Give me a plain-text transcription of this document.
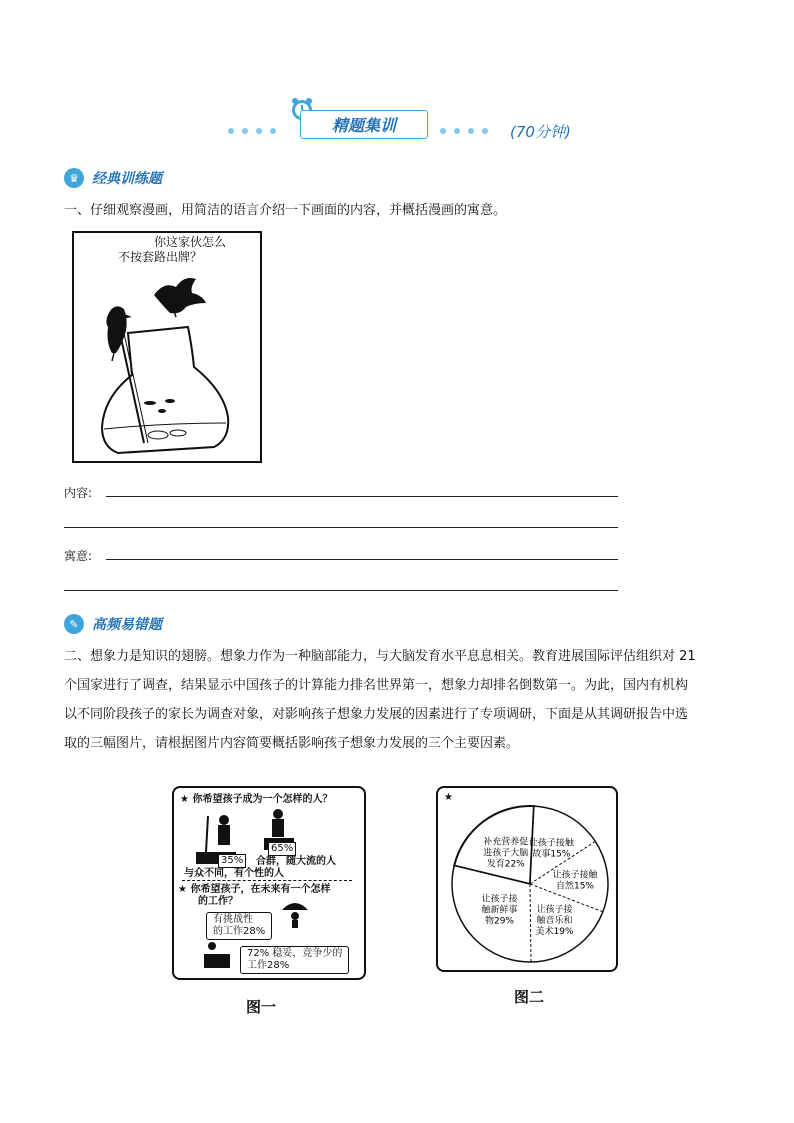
精题集训	(70分钟)
♛ 经典训练题
一、仔细观察漫画，用简洁的语言介绍一下画面的内容，并概括漫画的寓意。
你这家伙怎么
不按套路出牌？
内容:
寓意:
✎ 高频易错题
二、想象力是知识的翅膀。想象力作为一种脑部能力，与大脑发育水平息息相关。教育进展国际评估组织对 21
个国家进行了调查，结果显示中国孩子的计算能力排名世界第一，想象力却排名倒数第一。为此，国内有机构
以不同阶段孩子的家长为调查对象，对影响孩子想象力发展的因素进行了专项调研，下面是从其调研报告中选
取的三幅图片，请根据图片内容简要概括影响孩子想象力发展的三个主要因素。
★ 你希望孩子成为一个怎样的人？
35%
65%
合群，随大流的人
与众不同，有个性的人
★ 你希望孩子，在未来有一个怎样
的工作？
有挑战性
的工作28%
72% 稳妥，竞争少的
工作28%
图一
★
让孩子接触
故事15%
让孩子接触
自然15%
让孩子接
触音乐和
美术19%
让孩子接
触新鲜事
物29%
补充营养促
进孩子大脑
发育22%
图二
